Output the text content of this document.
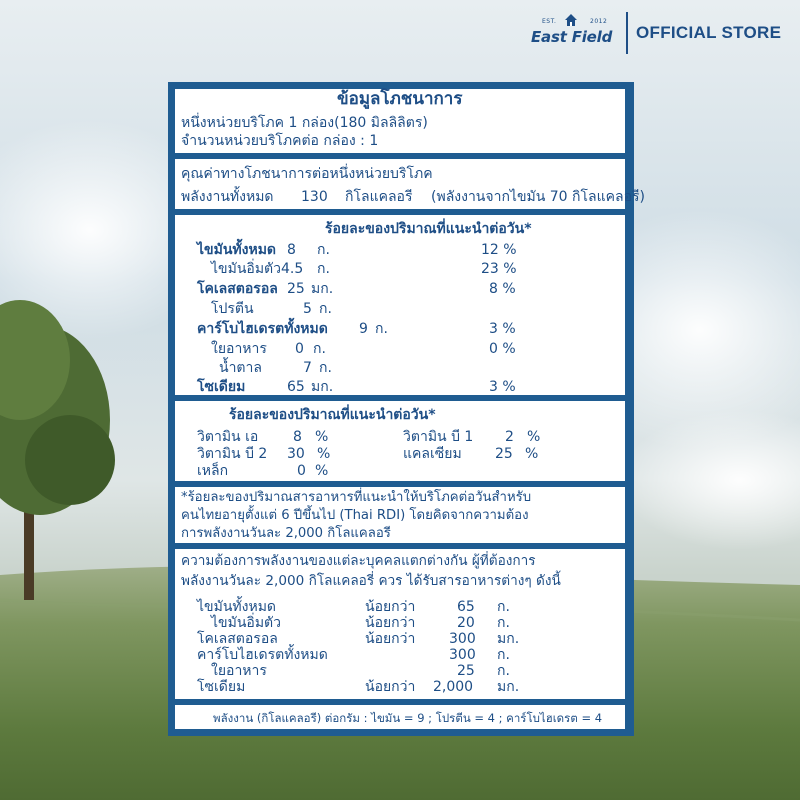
EST.	2012
East Field OFFICIAL STORE
ข้อมูลโภชนาการ
หนึ่งหน่วยบริโภค 1 กล่อง(180 มิลลิลิตร)
จำนวนหน่วยบริโภคต่อ กล่อง : 1
คุณค่าทางโภชนาการต่อหนึ่งหน่วยบริโภค
พลังงานทั้งหมด 130 กิโลแคลอรี (พลังงานจากไขมัน 70 กิโลแคลอรี)
ร้อยละของปริมาณที่แนะนำต่อวัน*
ไขมันทั้งหมด 8 ก.	12 %
ไขมันอิ่มตัว 4.5 ก.	23 %
โคเลสตอรอล 25 มก.	8 %
โปรตีน	5 ก.
คาร์โบไฮเดรตทั้งหมด 9 ก.	3 %
ใยอาหาร 0 ก.	0 %
น้ำตาล	7 ก.
โซเดียม	65 มก.	3 %
ร้อยละของปริมาณที่แนะนำต่อวัน*
วิตามิน เอ 8 %	วิตามิน บี 1 2 %
วิตามิน บี 2 30 %	แคลเซียม 25 %
เหล็ก	0 %
*ร้อยละของปริมาณสารอาหารที่แนะนำให้บริโภคต่อวันสำหรับ
คนไทยอายุตั้งแต่ 6 ปีขึ้นไป (Thai RDI) โดยคิดจากความต้อง
การพลังงานวันละ 2,000 กิโลแคลอรี
ความต้องการพลังงานของแต่ละบุคคลแตกต่างกัน ผู้ที่ต้องการ
พลังงานวันละ 2,000 กิโลแคลอรี่ ควร ได้รับสารอาหารต่างๆ ดังนี้
ไขมันทั้งหมด	น้อยกว่า	65 ก.
ไขมันอิ่มตัว	น้อยกว่า	20 ก.
โคเลสตอรอล	น้อยกว่า 300 มก.
คาร์โบไฮเดรตทั้งหมด	300 ก.
ใยอาหาร	25 ก.
โซเดียม	น้อยกว่า 2,000 มก.
พลังงาน (กิโลแคลอรี) ต่อกรัม : ไขมัน = 9 ; โปรตีน = 4 ; คาร์โบไฮเดรต = 4
